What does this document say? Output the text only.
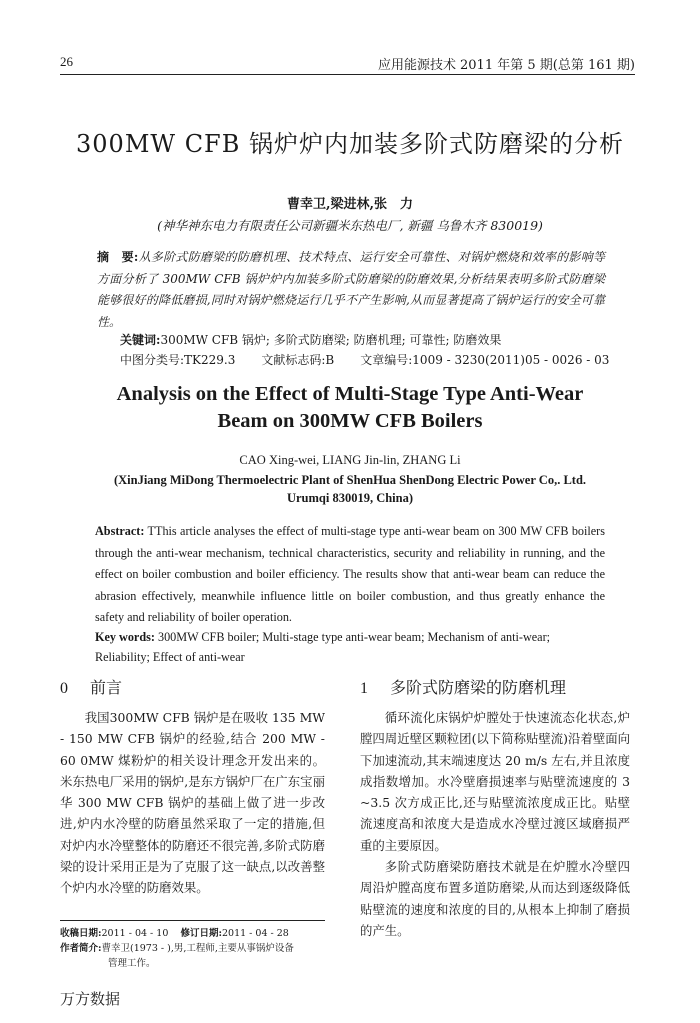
26	应用能源技术 2011 年第 5 期(总第 161 期)
300MW CFB 锅炉炉内加装多阶式防磨梁的分析
曹幸卫,梁进林,张　力
(神华神东电力有限责任公司新疆米东热电厂, 新疆 乌鲁木齐 830019)
摘　要:从多阶式防磨梁的防磨机理、技术特点、运行安全可靠性、对锅炉燃烧和效率的影响等方面分析了 300MW CFB 锅炉炉内加装多阶式防磨梁的防磨效果,分析结果表明多阶式防磨梁能够很好的降低磨损,同时对锅炉燃烧运行几乎不产生影响,从而显著提高了锅炉运行的安全可靠性。
关键词:300MW CFB 锅炉; 多阶式防磨梁; 防磨机理; 可靠性; 防磨效果
中图分类号:TK229.3 文献标志码:B 文章编号:1009 - 3230(2011)05 - 0026 - 03
Analysis on the Effect of Multi-Stage Type Anti-Wear
Beam on 300MW CFB Boilers
CAO Xing-wei, LIANG Jin-lin, ZHANG Li
(XinJiang MiDong Thermoelectric Plant of ShenHua ShenDong Electric Power Co,. Ltd.
Urumqi 830019, China)
Abstract: TThis article analyses the effect of multi-stage type anti-wear beam on 300 MW CFB boilers through the anti-wear mechanism, technical characteristics, security and reliability in running, and the effect on boiler combustion and boiler efficiency. The results show that anti-wear beam can reduce the abrasion effectively, meanwhile influence little on boiler combustion, and thus greatly enhance the safety and reliability of boiler operation.
Key words: 300MW CFB boiler; Multi-stage type anti-wear beam; Mechanism of anti-wear; Reliability; Effect of anti-wear
0 前言

我国300MW CFB 锅炉是在吸收 135 MW - 150 MW CFB 锅炉的经验,结合 200 MW - 60 0MW 煤粉炉的相关设计理念开发出来的。米东热电厂采用的锅炉,是东方锅炉厂在广东宝丽华 300 MW CFB 锅炉的基础上做了进一步改进,炉内水冷壁的防磨虽然采取了一定的措施,但对炉内水冷壁整体的防磨还不很完善,多阶式防磨梁的设计采用正是为了克服了这一缺点,以改善整个炉内水冷壁的防磨效果。

1 多阶式防磨梁的防磨机理

循环流化床锅炉炉膛处于快速流态化状态,炉膛四周近壁区颗粒团(以下简称贴壁流)沿着壁面向下加速流动,其末端速度达 20 m/s 左右,并且浓度成指数增加。水冷壁磨损速率与贴壁流速度的 3 ~3.5 次方成正比,还与贴壁流浓度成正比。贴壁流速度高和浓度大是造成水冷壁过渡区域磨损严重的主要原因。

多阶式防磨梁防磨技术就是在炉膛水冷壁四周沿炉膛高度布置多道防磨梁,从而达到逐级降低贴壁流的速度和浓度的目的,从根本上抑制了磨损的产生。

收稿日期:2011 - 04 - 10 修订日期:2011 - 04 - 28
作者简介:曹幸卫(1973 - ),男,工程师,主要从事锅炉设备
管理工作。
万方数据
